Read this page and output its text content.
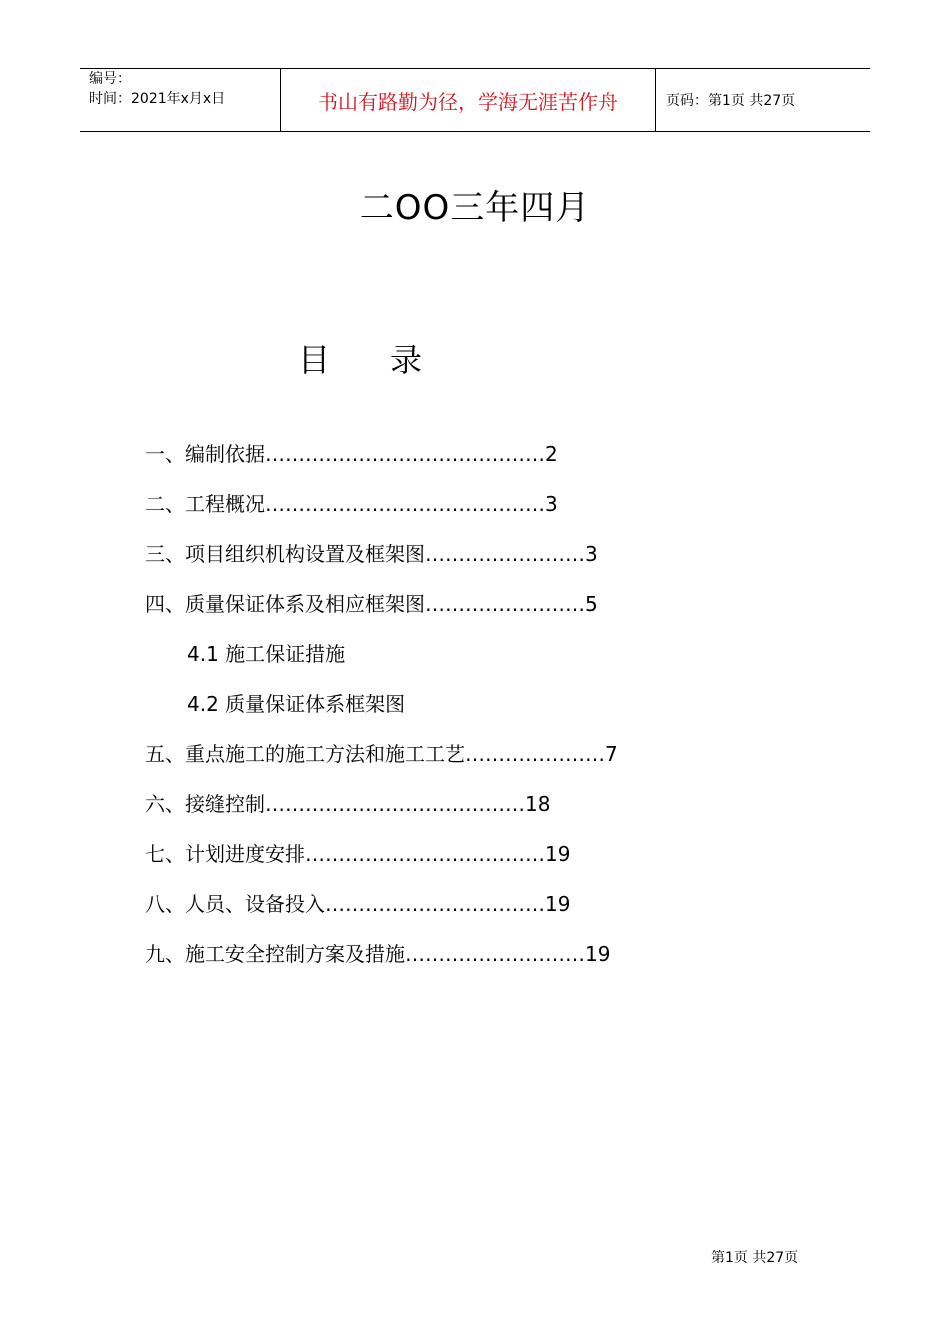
编号：
时间：2021年x月x日	书山有路勤为径，学海无涯苦作舟	页码：第1页 共27页
二OO三年四月
目 录
一、编制依据……………………………………2
二、工程概况……………………………………3
三、项目组织机构设置及框架图……………………3
四、质量保证体系及相应框架图……………………5
4.1 施工保证措施
4.2 质量保证体系框架图
五、重点施工的施工方法和施工工艺…………………7
六、接缝控制…………………………………18
七、计划进度安排………………………………19
八、人员、设备投入……………………………19
九、施工安全控制方案及措施………………………19
第1页 共27页
